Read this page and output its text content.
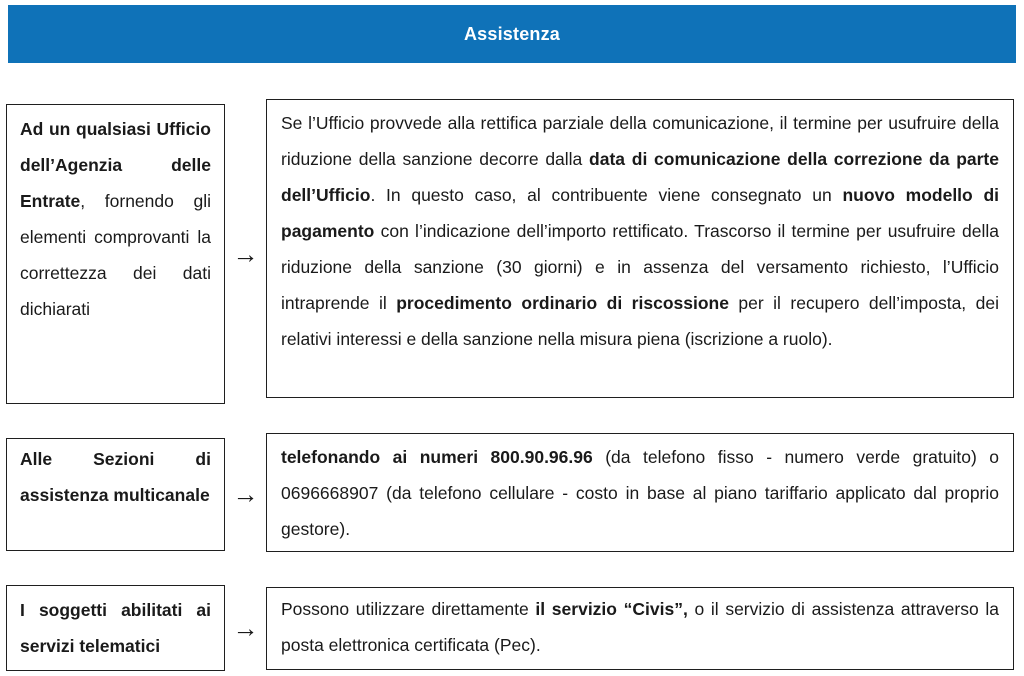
Assistenza
Ad un qualsiasi Ufficio dell’Agenzia delle Entrate, fornendo gli elementi comprovanti la correttezza dei dati dichiarati
→
Se l’Ufficio provvede alla rettifica parziale della comunicazione, il termine per usufruire della riduzione della sanzione decorre dalla data di comunicazione della correzione da parte dell’Ufficio. In questo caso, al contribuente viene consegnato un nuovo modello di pagamento con l’indicazione dell’importo rettificato. Trascorso il termine per usufruire della riduzione della sanzione (30 giorni) e in assenza del versamento richiesto, l’Ufficio intraprende il procedimento ordinario di riscossione per il recupero dell’imposta, dei relativi interessi e della sanzione nella misura piena (iscrizione a ruolo).
Alle Sezioni di assistenza multicanale →
telefonando ai numeri 800.90.96.96 (da telefono fisso - numero verde gratuito) o 0696668907 (da telefono cellulare - costo in base al piano tariffario applicato dal proprio gestore).
I soggetti abilitati ai servizi telematici
→
Possono utilizzare direttamente il servizio “Civis”, o il servizio di assistenza attraverso la posta elettronica certificata (Pec).
